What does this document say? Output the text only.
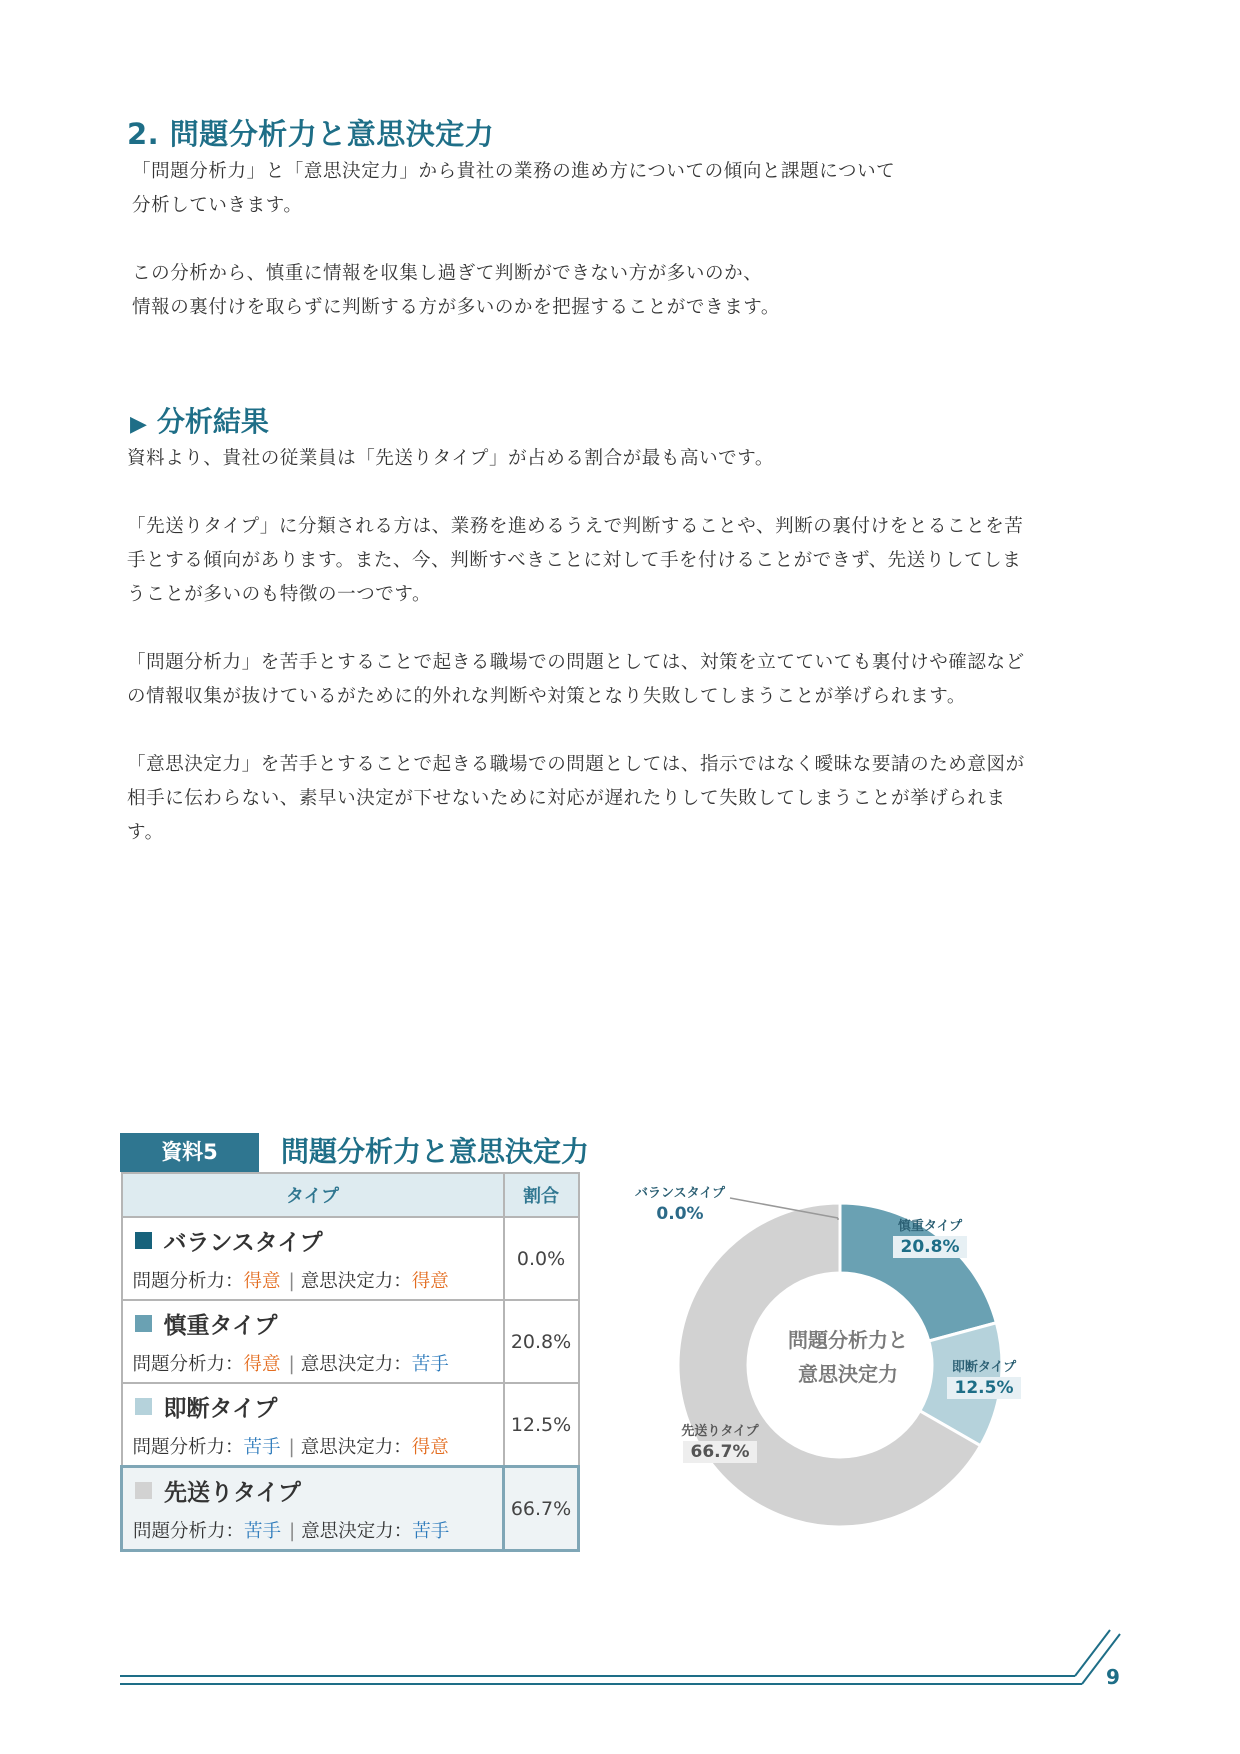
2. 問題分析力と意思決定力

「問題分析力」と「意思決定力」から貴社の業務の進め方についての傾向と課題について

分析していきます。

この分析から、慎重に情報を収集し過ぎて判断ができない方が多いのか、

情報の裏付けを取らずに判断する方が多いのかを把握することができます。

▶ 分析結果

資料より、貴社の従業員は「先送りタイプ」が占める割合が最も高いです。

「先送りタイプ」に分類される方は、業務を進めるうえで判断することや、判断の裏付けをとることを苦

手とする傾向があります。また、今、判断すべきことに対して手を付けることができず、先送りしてしま

うことが多いのも特徴の一つです。

「問題分析力」を苦手とすることで起きる職場での問題としては、対策を立てていても裏付けや確認など

の情報収集が抜けているがために的外れな判断や対策となり失敗してしまうことが挙げられます。

「意思決定力」を苦手とすることで起きる職場での問題としては、指示ではなく曖昧な要請のため意図が

相手に伝わらない、素早い決定が下せないために対応が遅れたりして失敗してしまうことが挙げられま

す。

資料5	問題分析力と意思決定力
タイプ	割合

バランスタイプ
問題分析力：得意 | 意思決定力：得意	0.0%

慎重タイプ
問題分析力：得意 | 意思決定力：苦手	20.8%

即断タイプ
問題分析力：苦手 | 意思決定力：得意	12.5%

先送りタイプ
問題分析力：苦手 | 意思決定力：苦手	66.7%
問題分析力と
意思決定力
バランスタイプ
0.0%
慎重タイプ
20.8%
即断タイプ
12.5%
先送りタイプ
66.7%
9
